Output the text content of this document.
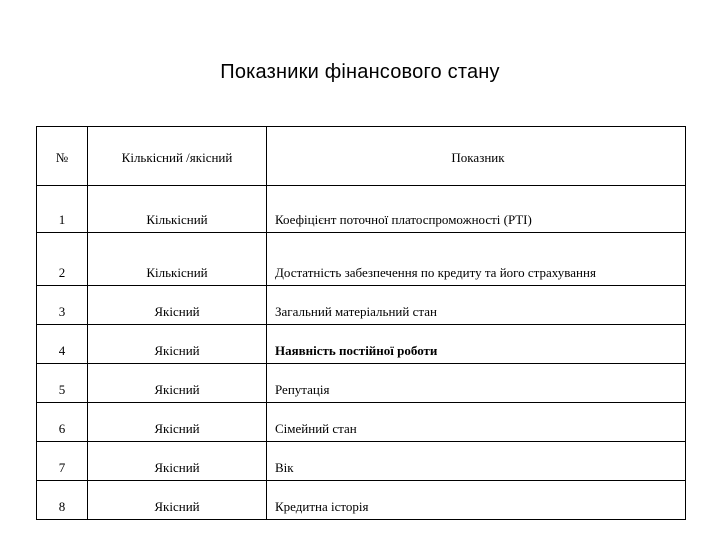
Показники фінансового стану
№	Кількісний /якісний	Показник
1	Кількісний	Коефіцієнт поточної платоспроможності (PTI)
2	Кількісний	Достатність забезпечення по кредиту та його страхування
3	Якісний	Загальний матеріальний стан
4	Якісний	Наявність постійної роботи
5	Якісний	Репутація
6	Якісний	Сімейний стан
7	Якісний	Вік
8	Якісний	Кредитна історія
